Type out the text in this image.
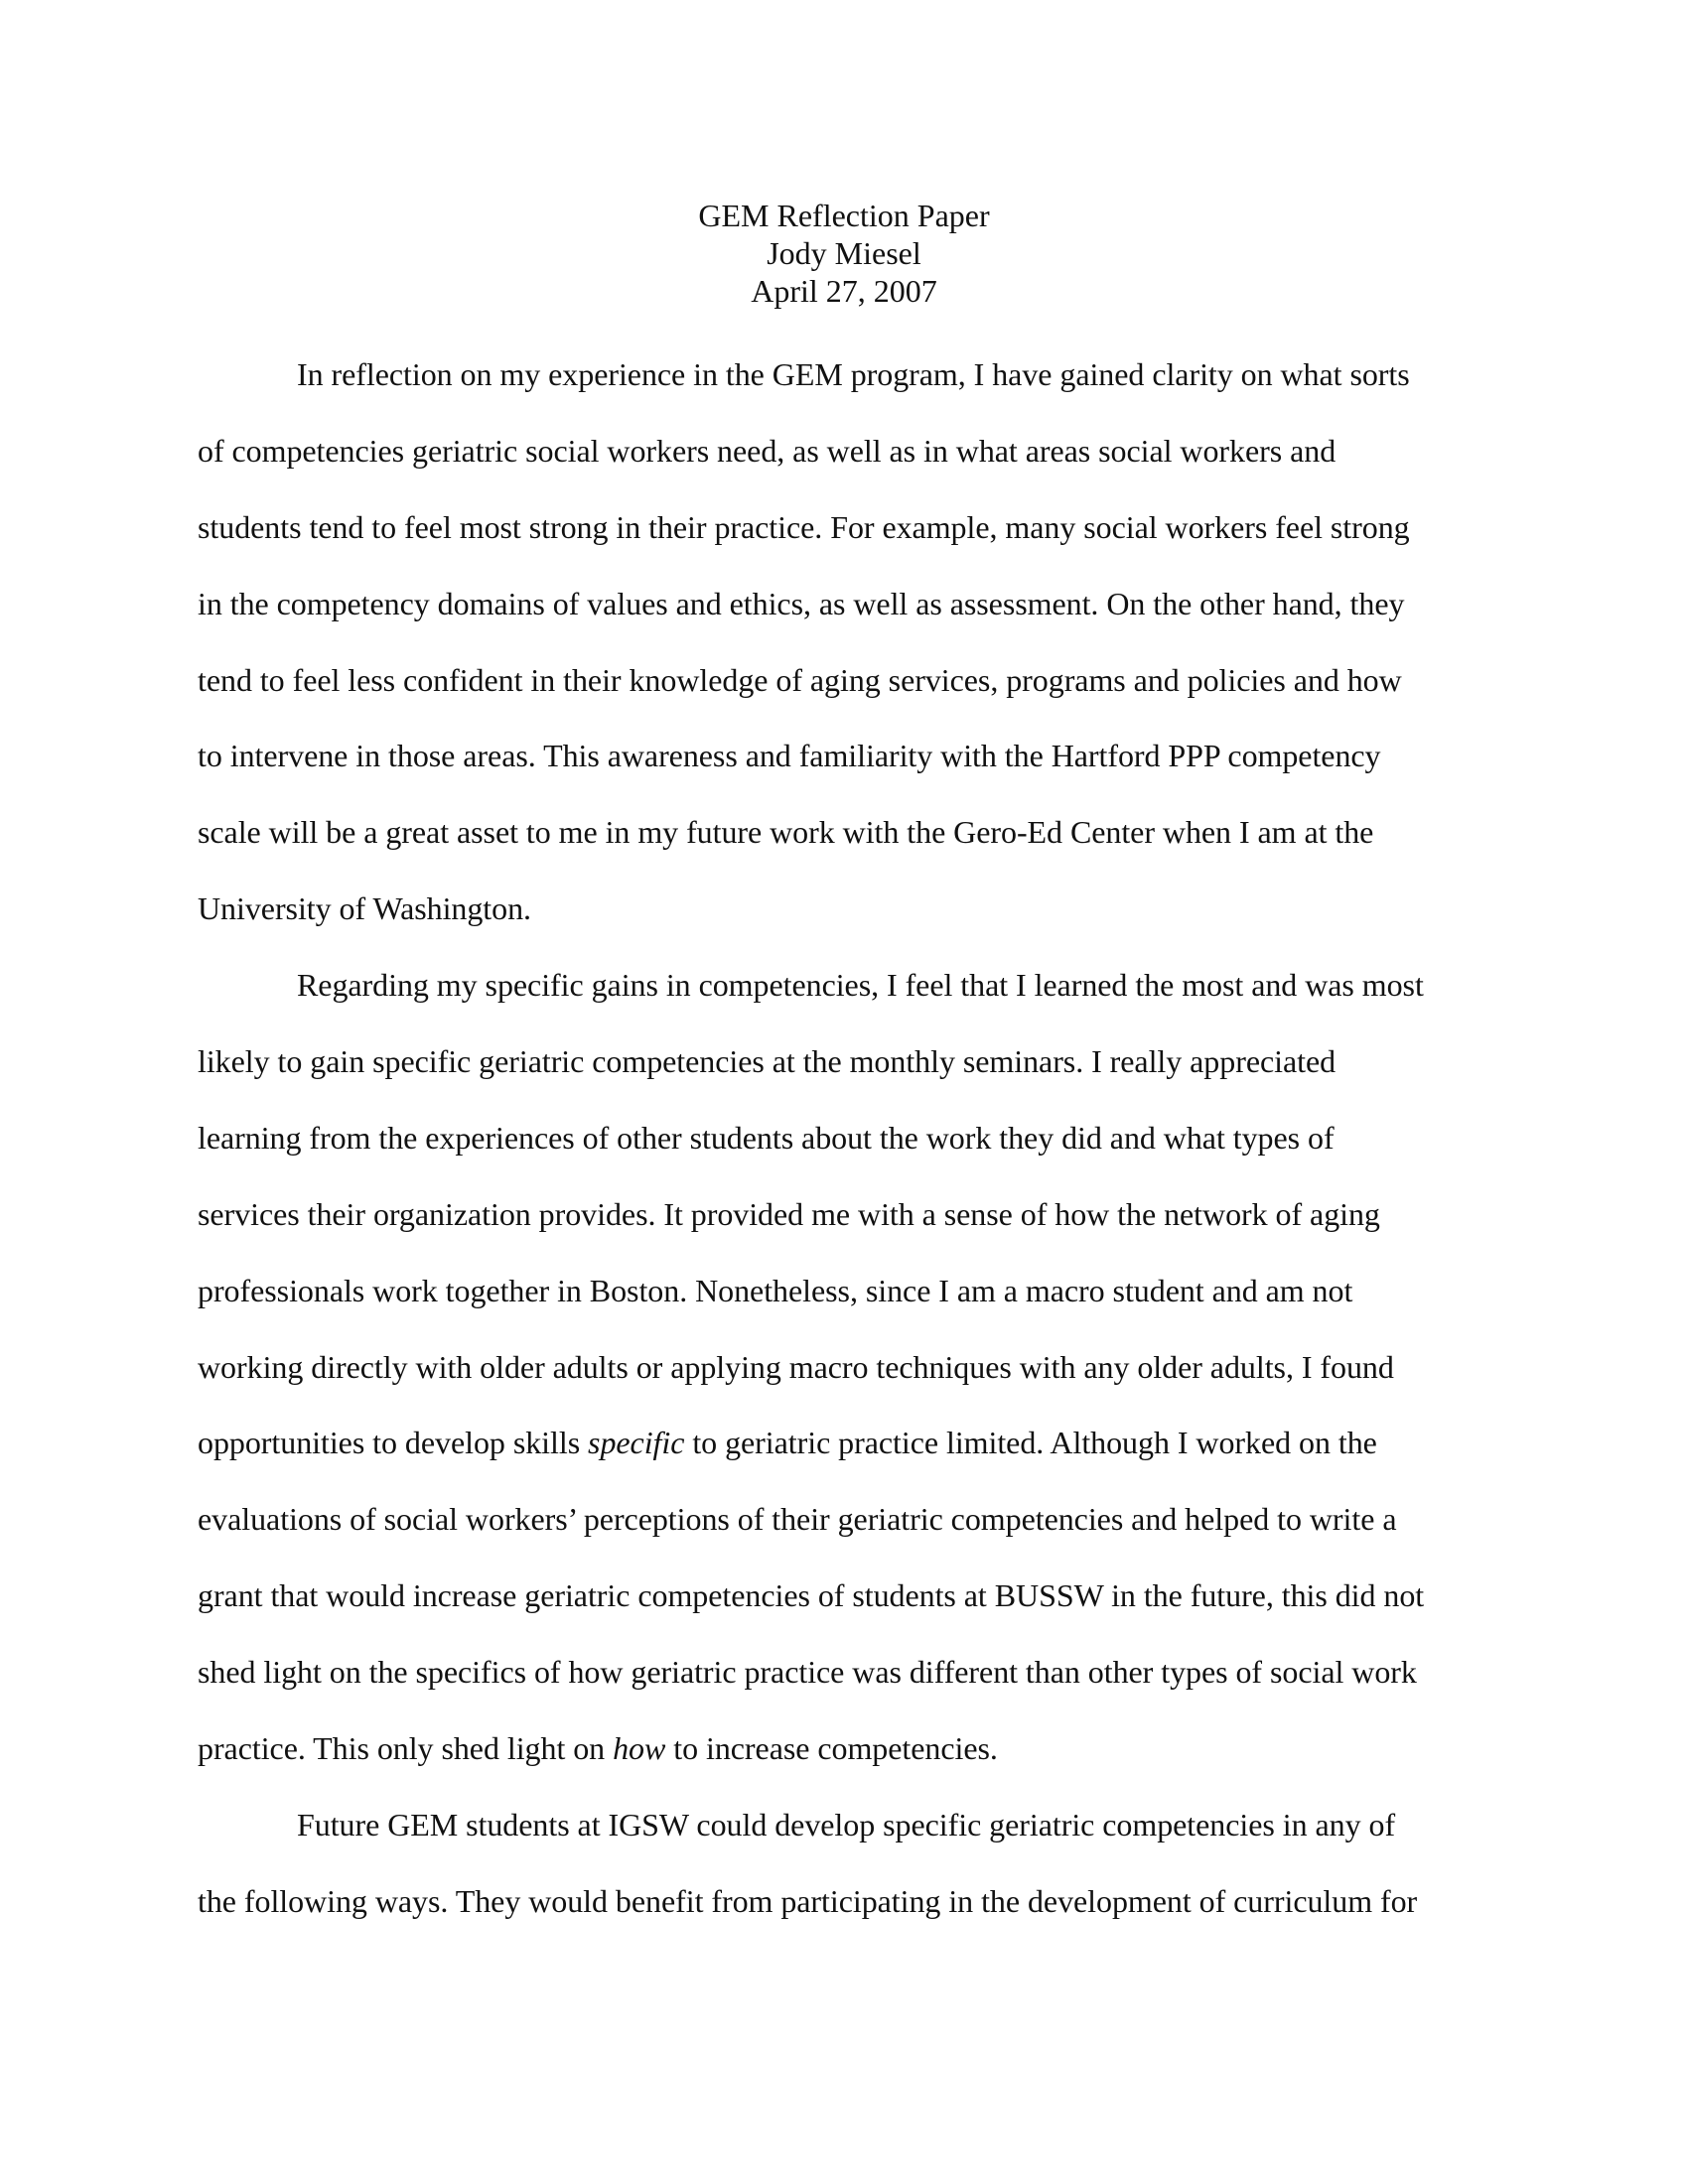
GEM Reflection Paper
Jody Miesel
April 27, 2007
In reflection on my experience in the GEM program, I have gained clarity on what sorts
of competencies geriatric social workers need, as well as in what areas social workers and
students tend to feel most strong in their practice. For example, many social workers feel strong
in the competency domains of values and ethics, as well as assessment. On the other hand, they
tend to feel less confident in their knowledge of aging services, programs and policies and how
to intervene in those areas. This awareness and familiarity with the Hartford PPP competency
scale will be a great asset to me in my future work with the Gero-Ed Center when I am at the
University of Washington.
Regarding my specific gains in competencies, I feel that I learned the most and was most
likely to gain specific geriatric competencies at the monthly seminars. I really appreciated
learning from the experiences of other students about the work they did and what types of
services their organization provides. It provided me with a sense of how the network of aging
professionals work together in Boston. Nonetheless, since I am a macro student and am not
working directly with older adults or applying macro techniques with any older adults, I found
opportunities to develop skills specific to geriatric practice limited. Although I worked on the
evaluations of social workers’ perceptions of their geriatric competencies and helped to write a
grant that would increase geriatric competencies of students at BUSSW in the future, this did not
shed light on the specifics of how geriatric practice was different than other types of social work
practice. This only shed light on how to increase competencies.
Future GEM students at IGSW could develop specific geriatric competencies in any of
the following ways. They would benefit from participating in the development of curriculum for
